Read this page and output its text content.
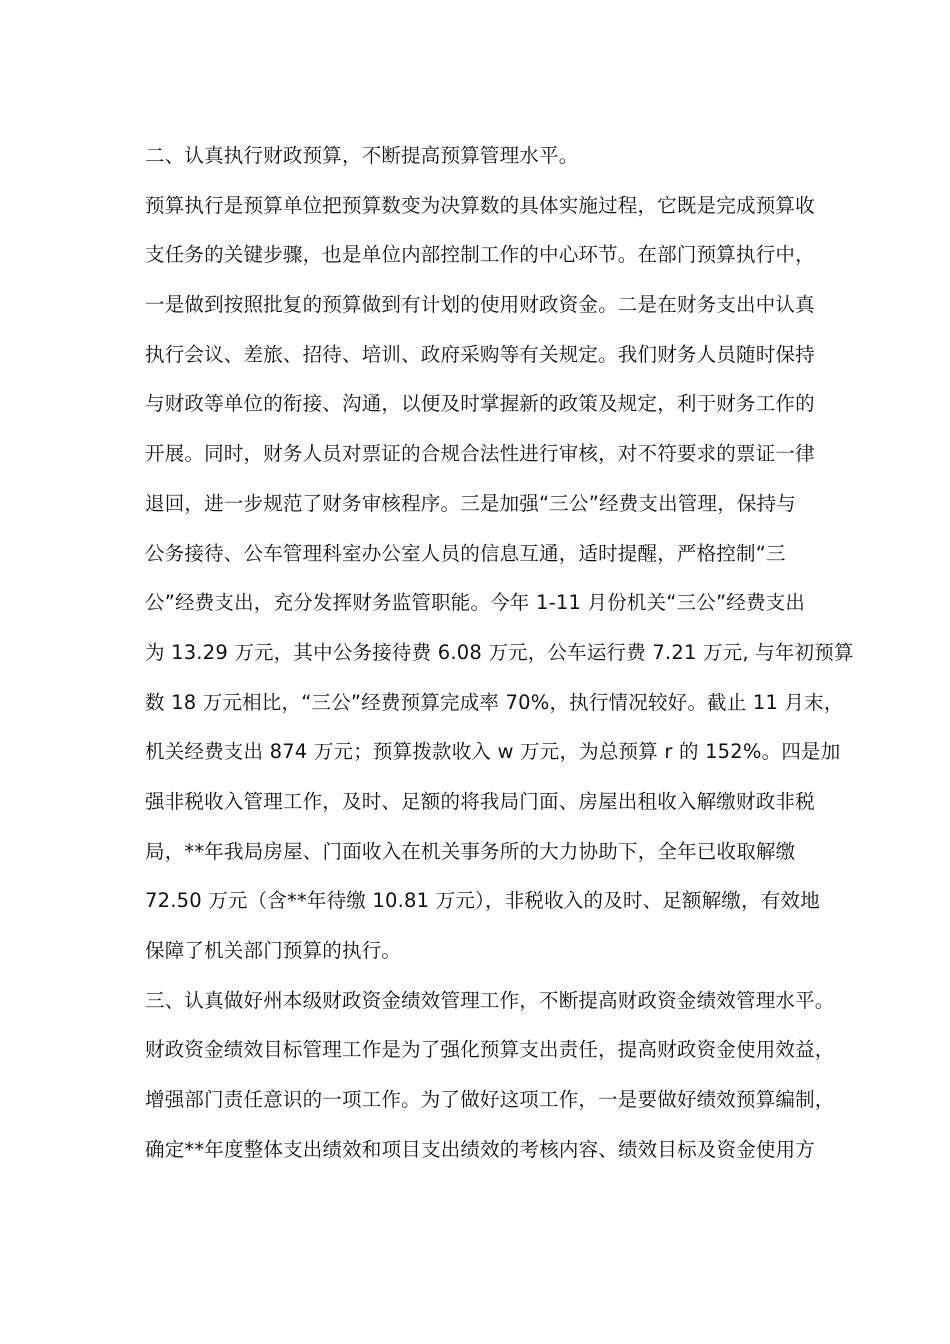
二、认真执行财政预算，不断提高预算管理水平。
预算执行是预算单位把预算数变为决算数的具体实施过程，它既是完成预算收
支任务的关键步骤，也是单位内部控制工作的中心环节。在部门预算执行中，
一是做到按照批复的预算做到有计划的使用财政资金。二是在财务支出中认真
执行会议、差旅、招待、培训、政府采购等有关规定。我们财务人员随时保持
与财政等单位的衔接、沟通，以便及时掌握新的政策及规定，利于财务工作的
开展。同时，财务人员对票证的合规合法性进行审核，对不符要求的票证一律
退回，进一步规范了财务审核程序。三是加强“三公”经费支出管理，保持与
公务接待、公车管理科室办公室人员的信息互通，适时提醒，严格控制“三
公”经费支出，充分发挥财务监管职能。今年 1-11 月份机关“三公”经费支出
为 13.29 万元，其中公务接待费 6.08 万元，公车运行费 7.21 万元, 与年初预算
数 18 万元相比，“三公”经费预算完成率 70%，执行情况较好。截止 11 月末，
机关经费支出 874 万元；预算拨款收入 w 万元，为总预算 r 的 152%。四是加
强非税收入管理工作，及时、足额的将我局门面、房屋出租收入解缴财政非税
局，**年我局房屋、门面收入在机关事务所的大力协助下，全年已收取解缴
72.50 万元（含**年待缴 10.81 万元），非税收入的及时、足额解缴，有效地
保障了机关部门预算的执行。
三、认真做好州本级财政资金绩效管理工作，不断提高财政资金绩效管理水平。
财政资金绩效目标管理工作是为了强化预算支出责任，提高财政资金使用效益，
增强部门责任意识的一项工作。为了做好这项工作，一是要做好绩效预算编制，
确定**年度整体支出绩效和项目支出绩效的考核内容、绩效目标及资金使用方
